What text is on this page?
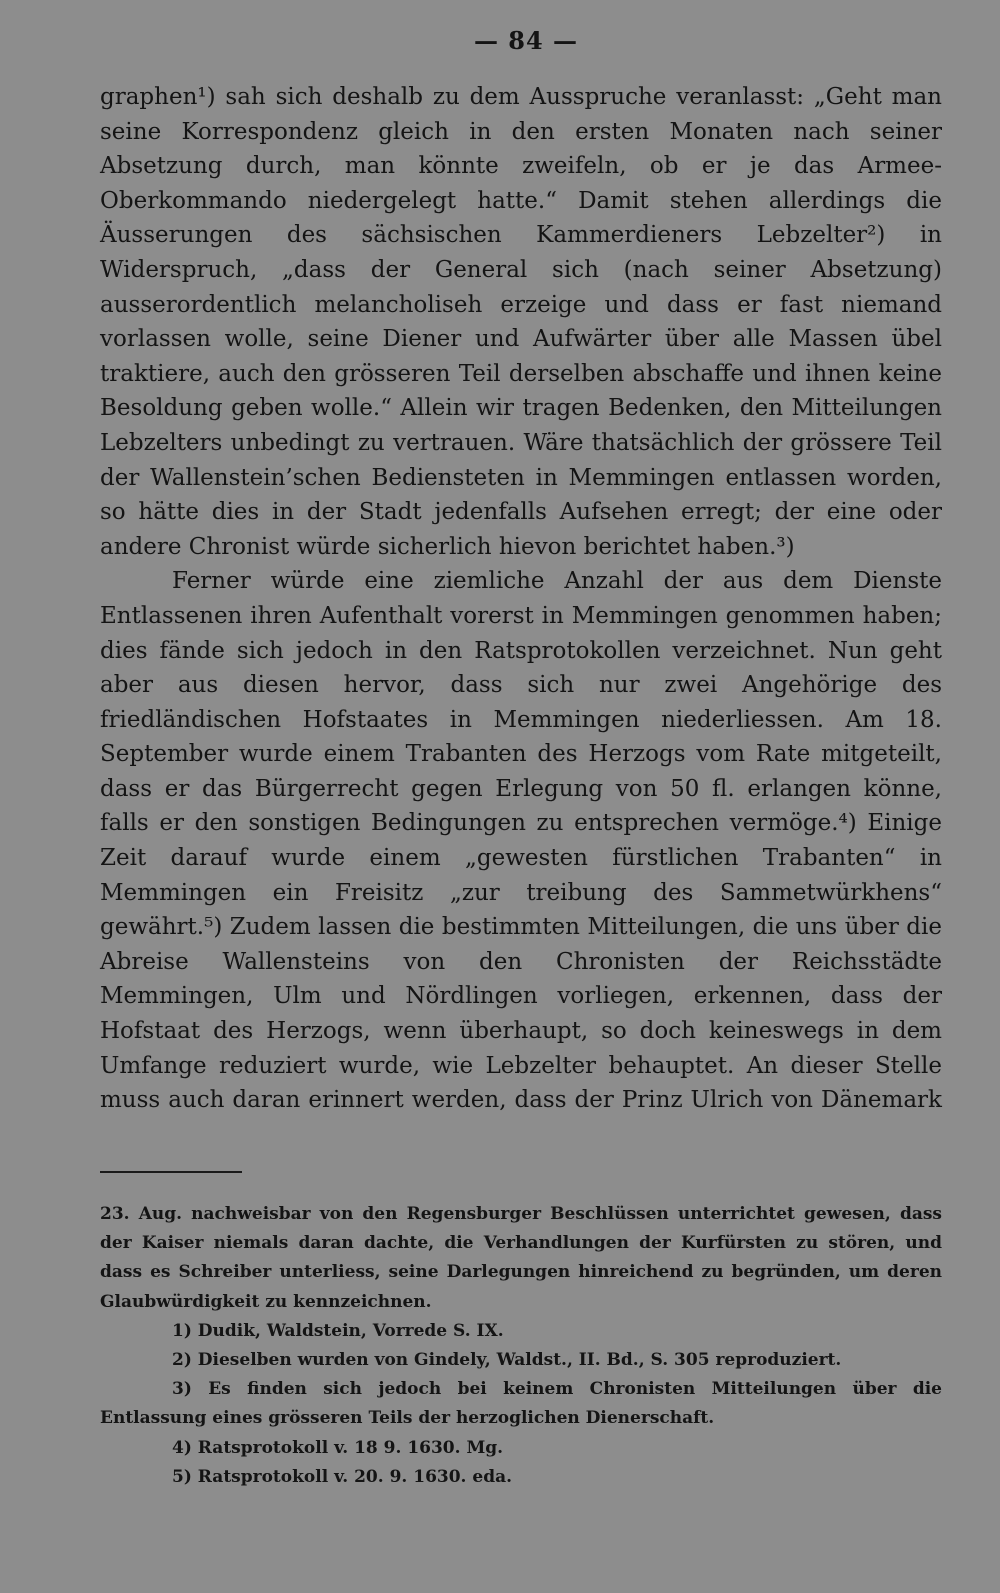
— 84 —

graphen¹) sah sich deshalb zu dem Ausspruche veranlasst: „Geht man seine Korrespondenz gleich in den ersten Monaten nach seiner Absetzung durch, man könnte zweifeln, ob er je das Armee-Oberkommando niedergelegt hatte.“ Damit stehen allerdings die Äusserungen des sächsischen Kammerdieners Lebzelter²) in Widerspruch, „dass der General sich (nach seiner Absetzung) ausserordentlich melancholiseh erzeige und dass er fast niemand vorlassen wolle, seine Diener und Aufwärter über alle Massen übel traktiere, auch den grösseren Teil derselben abschaffe und ihnen keine Besoldung geben wolle.“ Allein wir tragen Bedenken, den Mitteilungen Lebzelters unbedingt zu vertrauen. Wäre thatsächlich der grössere Teil der Wallenstein’schen Bediensteten in Memmingen entlassen worden, so hätte dies in der Stadt jedenfalls Aufsehen erregt; der eine oder andere Chronist würde sicherlich hievon berichtet haben.³)

Ferner würde eine ziemliche Anzahl der aus dem Dienste Entlassenen ihren Aufenthalt vorerst in Memmingen genommen haben; dies fände sich jedoch in den Ratsprotokollen verzeichnet. Nun geht aber aus diesen hervor, dass sich nur zwei Angehörige des friedländischen Hofstaates in Memmingen niederliessen. Am 18. September wurde einem Trabanten des Herzogs vom Rate mitgeteilt, dass er das Bürgerrecht gegen Erlegung von 50 fl. erlangen könne, falls er den sonstigen Bedingungen zu entsprechen vermöge.⁴) Einige Zeit darauf wurde einem „gewesten fürstlichen Trabanten“ in Memmingen ein Freisitz „zur treibung des Sammetwürkhens“ gewährt.⁵) Zudem lassen die bestimmten Mitteilungen, die uns über die Abreise Wallensteins von den Chronisten der Reichsstädte Memmingen, Ulm und Nördlingen vorliegen, erkennen, dass der Hofstaat des Herzogs, wenn überhaupt, so doch keineswegs in dem Umfange reduziert wurde, wie Lebzelter behauptet. An dieser Stelle muss auch daran erinnert werden, dass der Prinz Ulrich von Dänemark

23. Aug. nachweisbar von den Regensburger Beschlüssen unterrichtet gewesen, dass der Kaiser niemals daran dachte, die Verhandlungen der Kurfürsten zu stören, und dass es Schreiber unterliess, seine Darlegungen hinreichend zu begründen, um deren Glaubwürdigkeit zu kennzeichnen.

1) Dudik, Waldstein, Vorrede S. IX.

2) Dieselben wurden von Gindely, Waldst., II. Bd., S. 305 reproduziert.

3) Es finden sich jedoch bei keinem Chronisten Mitteilungen über die Entlassung eines grösseren Teils der herzoglichen Dienerschaft.

4) Ratsprotokoll v. 18 9. 1630. Mg.

5) Ratsprotokoll v. 20. 9. 1630. eda.
